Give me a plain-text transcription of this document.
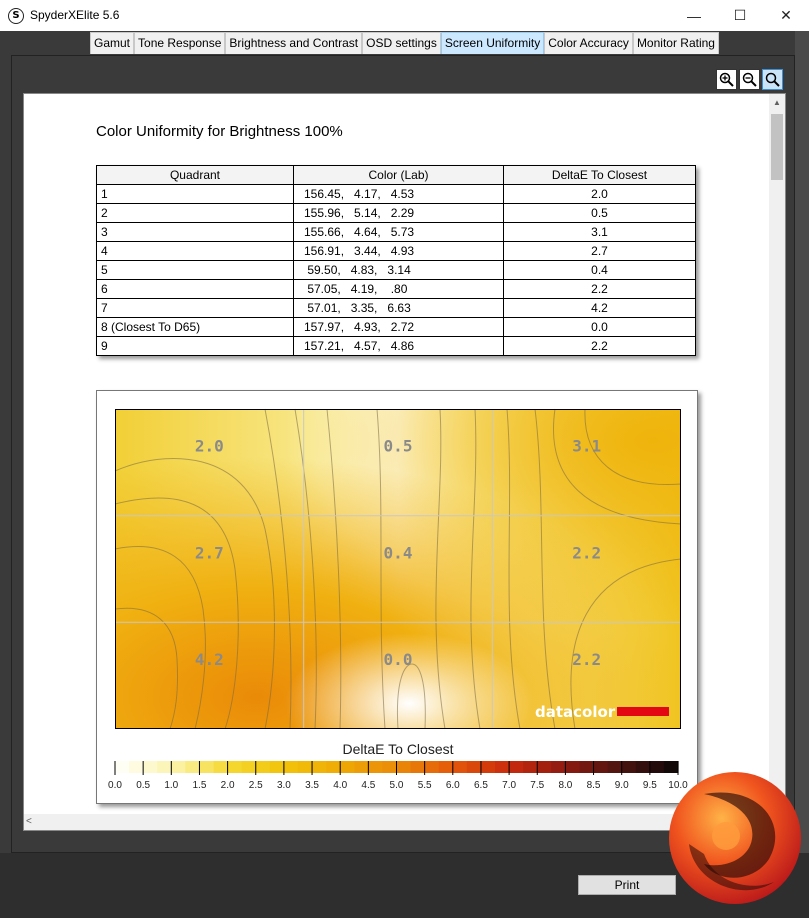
S SpyderXElite 5.6	—	☐	✕
Gamut Tone Response Brightness and Contrast OSD settings Screen Uniformity Color Accuracy Monitor Rating
Color Uniformity for Brightness 100%
Quadrant	Color (Lab)	DeltaE To Closest
1	156.45,   4.17,   4.53	2.0
2	155.96,   5.14,   2.29	0.5
3	155.66,   4.64,   5.73	3.1
4	156.91,   3.44,   4.93	2.7
5	59.50,   4.83,   3.14	0.4
6	57.05,   4.19,    .80	2.2
7	57.01,   3.35,   6.63	4.2
8 (Closest To D65)	157.97,   4.93,   2.72	0.0
9	157.21,   4.57,   4.86	2.2
2.0	0.5	3.1
2.7	0.4	2.2
4.2	0.0	2.2
datacolor
DeltaE To Closest
0.0 0.5 1.0 1.5 2.0 2.5 3.0 3.5 4.0 4.5 5.0 5.5 6.0 6.5 7.0 7.5 8.0 8.5 9.0 9.5 10.0
▲
<
Print
